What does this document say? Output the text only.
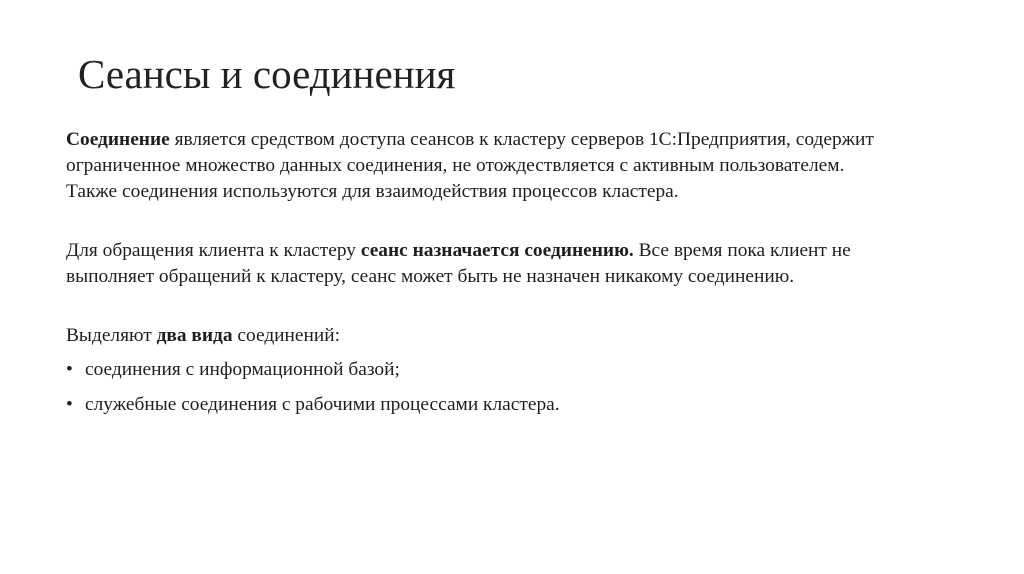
Сеансы и соединения

Соединение является средством доступа сеансов к кластеру серверов 1С:Предприятия, содержит
ограниченное множество данных соединения, не отождествляется с активным пользователем.
Также соединения используются для взаимодействия процессов кластера.

Для обращения клиента к кластеру сеанс назначается соединению. Все время пока клиент не
выполняет обращений к кластеру, сеанс может быть не назначен никакому соединению.

Выделяют два вида соединений:

• соединения с информационной базой;
• служебные соединения с рабочими процессами кластера.
